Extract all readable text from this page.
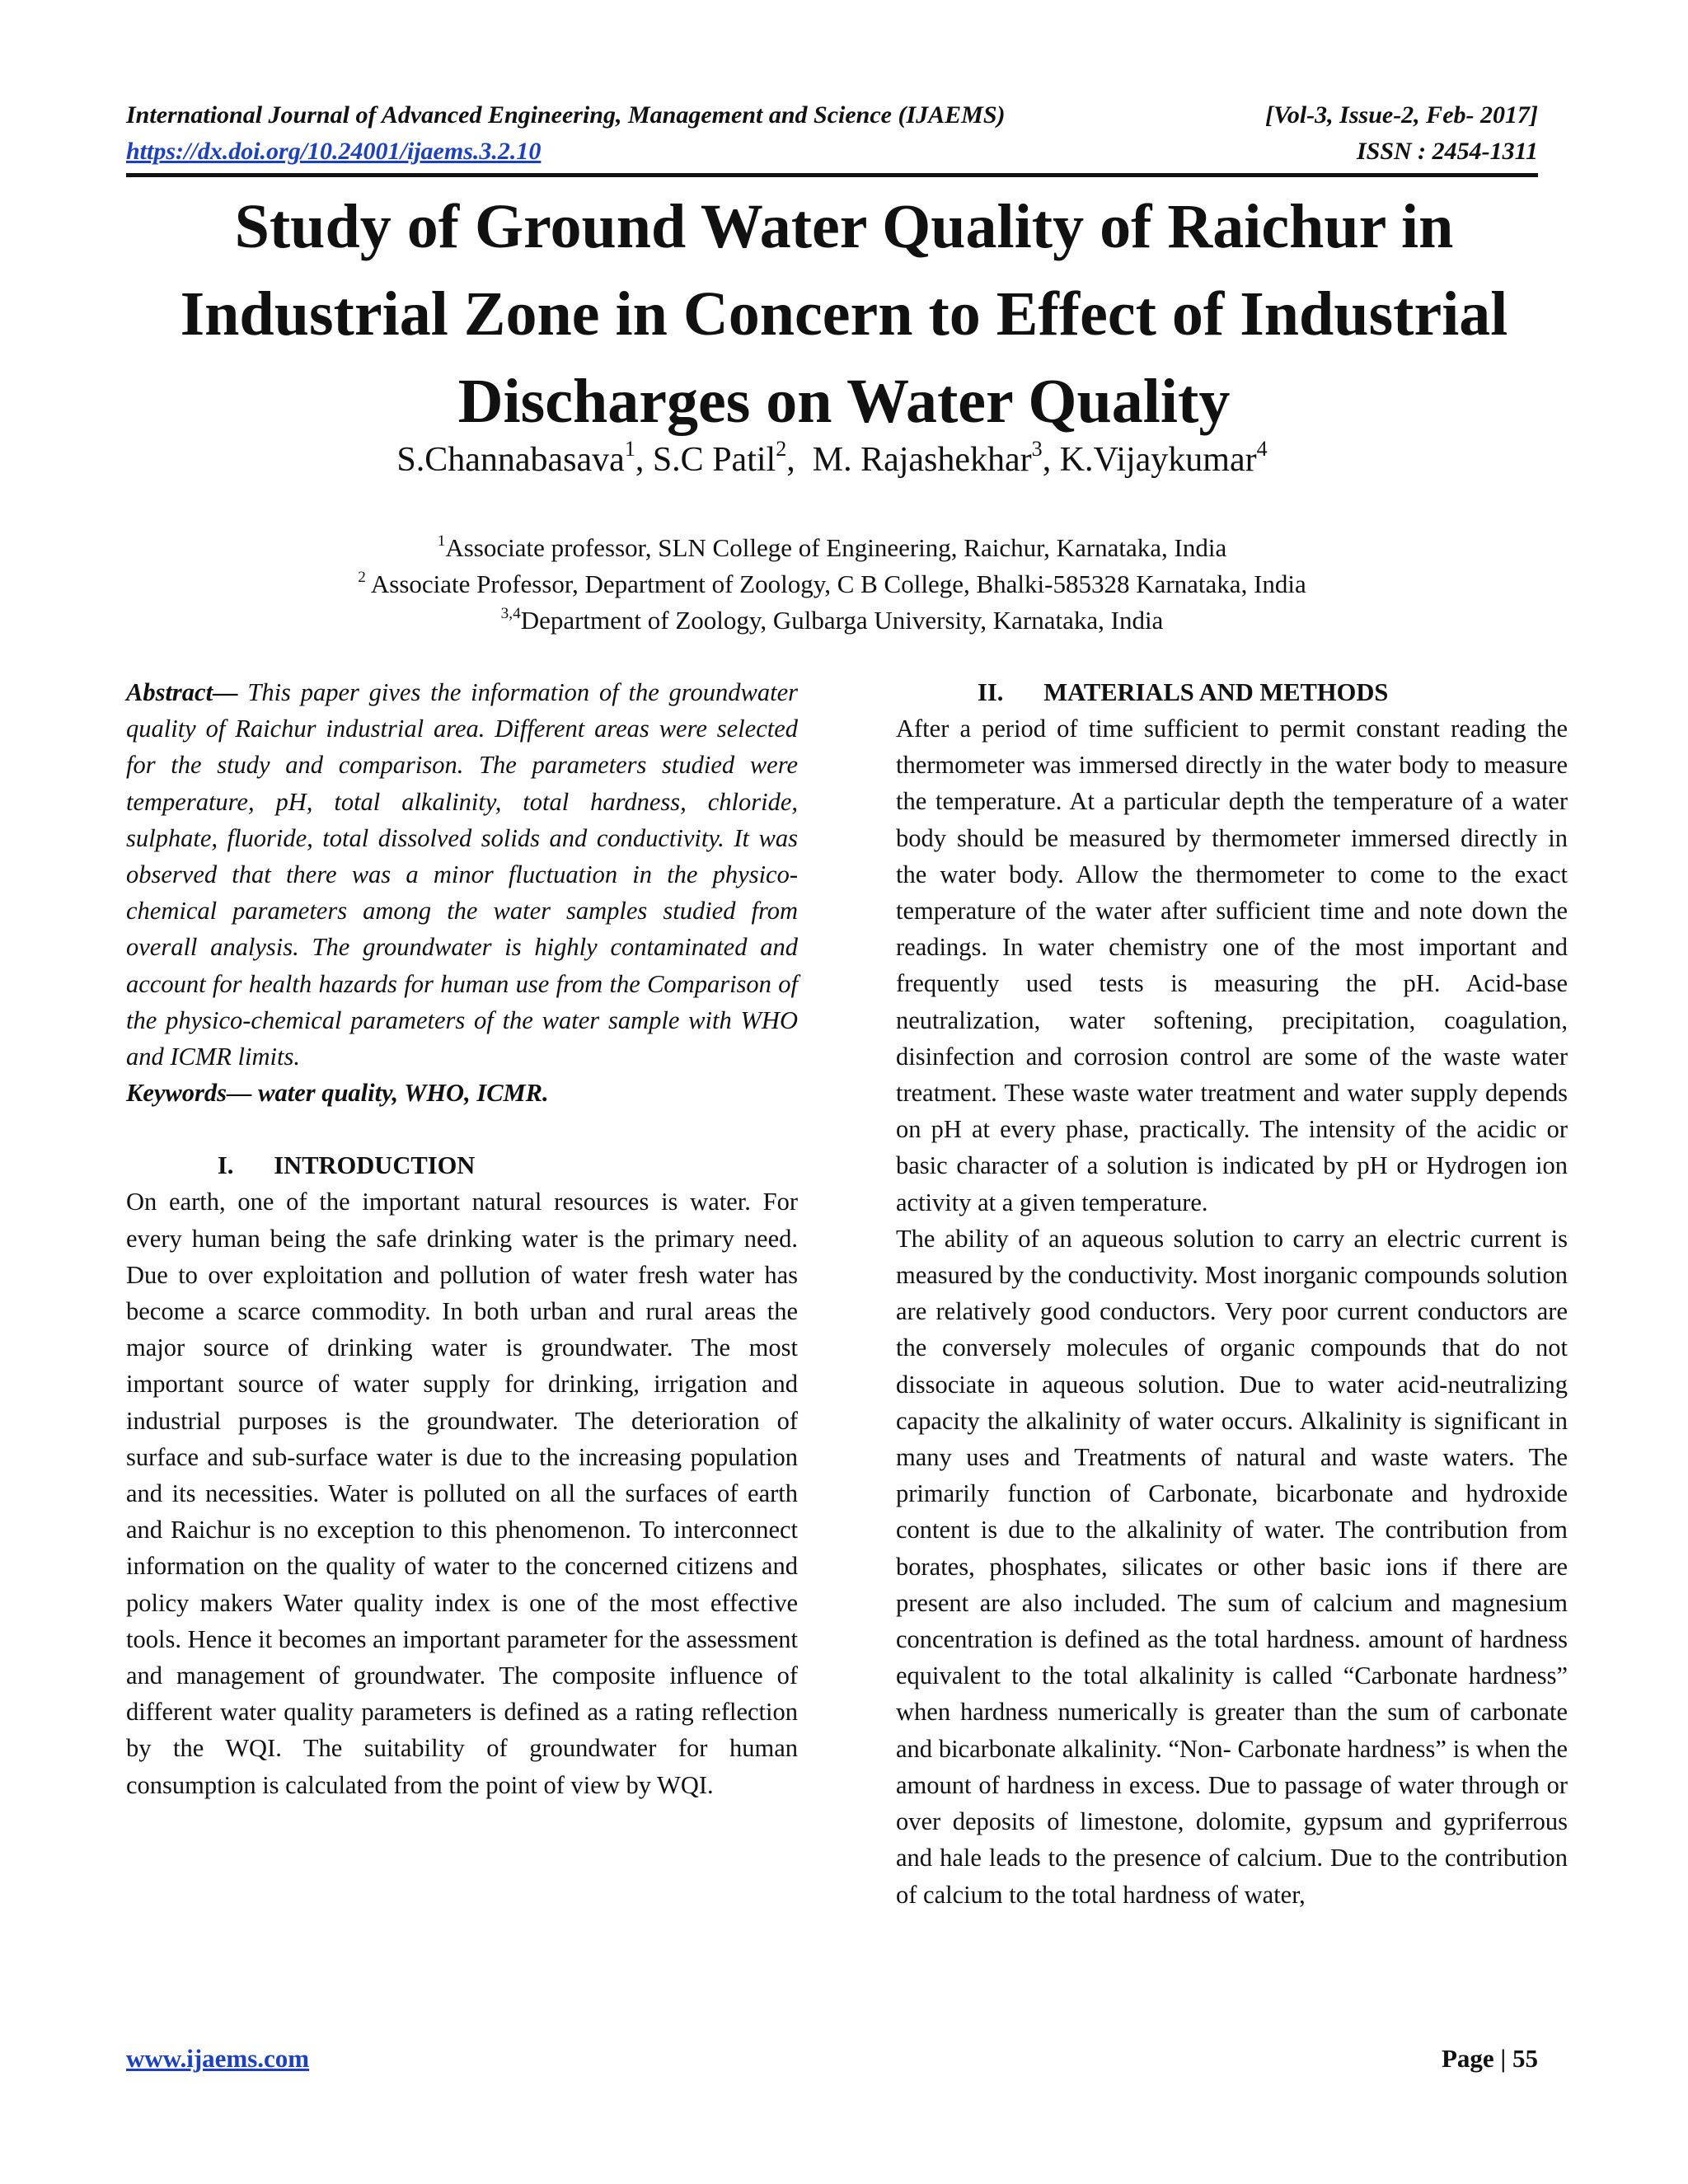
International Journal of Advanced Engineering, Management and Science (IJAEMS)	[Vol-3, Issue-2, Feb- 2017]
https://dx.doi.org/10.24001/ijaems.3.2.10	ISSN : 2454-1311
Study of Ground Water Quality of Raichur in Industrial Zone in Concern to Effect of Industrial Discharges on Water Quality
S.Channabasava$^1$, S.C Patil$^2$,  M. Rajashekhar$^3$, K.Vijaykumar$^4$
$^1$Associate professor, SLN College of Engineering, Raichur, Karnataka, India
$^2$ Associate Professor, Department of Zoology, C B College, Bhalki-585328 Karnataka, India
$^{3,4}$Department of Zoology, Gulbarga University, Karnataka, India

Abstract— This paper gives the information of the groundwater quality of Raichur industrial area. Different areas were selected for the study and comparison. The parameters studied were temperature, pH, total alkalinity, total hardness, chloride, sulphate, fluoride, total dissolved solids and conductivity. It was observed that there was a minor fluctuation in the physico-chemical parameters among the water samples studied from overall analysis. The groundwater is highly contaminated and account for health hazards for human use from the Comparison of the physico-chemical parameters of the water sample with WHO and ICMR limits.

Keywords— water quality, WHO, ICMR.

I.	INTRODUCTION

On earth, one of the important natural resources is water. For every human being the safe drinking water is the primary need. Due to over exploitation and pollution of water fresh water has become a scarce commodity. In both urban and rural areas the major source of drinking water is groundwater. The most important source of water supply for drinking, irrigation and industrial purposes is the groundwater. The deterioration of surface and sub-surface water is due to the increasing population and its necessities. Water is polluted on all the surfaces of earth and Raichur is no exception to this phenomenon. To interconnect information on the quality of water to the concerned citizens and policy makers Water quality index is one of the most effective tools. Hence it becomes an important parameter for the assessment and management of groundwater. The composite influence of different water quality parameters is defined as a rating reflection by the WQI. The suitability of groundwater for human consumption is calculated from the point of view by WQI.

II.	MATERIALS AND METHODS

After a period of time sufficient to permit constant reading the thermometer was immersed directly in the water body to measure the temperature. At a particular depth the temperature of a water body should be measured by thermometer immersed directly in the water body. Allow the thermometer to come to the exact temperature of the water after sufficient time and note down the readings. In water chemistry one of the most important and frequently used tests is measuring the pH. Acid-base neutralization, water softening, precipitation, coagulation, disinfection and corrosion control are some of the waste water treatment. These waste water treatment and water supply depends on pH at every phase, practically. The intensity of the acidic or basic character of a solution is indicated by pH or Hydrogen ion activity at a given temperature.

The ability of an aqueous solution to carry an electric current is measured by the conductivity. Most inorganic compounds solution are relatively good conductors. Very poor current conductors are the conversely molecules of organic compounds that do not dissociate in aqueous solution. Due to water acid-neutralizing capacity the alkalinity of water occurs. Alkalinity is significant in many uses and Treatments of natural and waste waters. The primarily function of Carbonate, bicarbonate and hydroxide content is due to the alkalinity of water. The contribution from borates, phosphates, silicates or other basic ions if there are present are also included. The sum of calcium and magnesium concentration is defined as the total hardness. amount of hardness equivalent to the total alkalinity is called “Carbonate hardness” when hardness numerically is greater than the sum of carbonate and bicarbonate alkalinity. “Non- Carbonate hardness” is when the amount of hardness in excess. Due to passage of water through or over deposits of limestone, dolomite, gypsum and gypriferrous and hale leads to the presence of calcium. Due to the contribution of calcium to the total hardness of water,

www.ijaems.com	Page | 55
